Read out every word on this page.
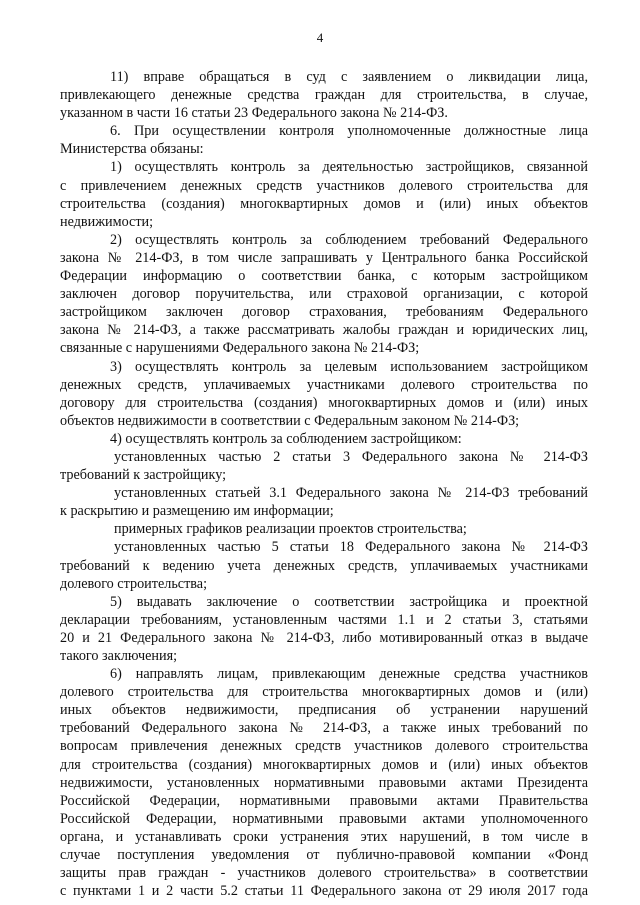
4
11) вправе обращаться в суд с заявлением о ликвидации лица,
привлекающего денежные средства граждан для строительства, в случае,
указанном в части 16 статьи 23 Федерального закона № 214-ФЗ.
6. При осуществлении контроля уполномоченные должностные лица
Министерства обязаны:
1) осуществлять контроль за деятельностью застройщиков, связанной
с привлечением денежных средств участников долевого строительства для
строительства (создания) многоквартирных домов и (или) иных объектов
недвижимости;
2) осуществлять контроль за соблюдением требований Федерального
закона № 214-ФЗ, в том числе запрашивать у Центрального банка Российской
Федерации информацию о соответствии банка, с которым застройщиком
заключен договор поручительства, или страховой организации, с которой
застройщиком заключен договор страхования, требованиям Федерального
закона № 214-ФЗ, а также рассматривать жалобы граждан и юридических лиц,
связанные с нарушениями Федерального закона № 214-ФЗ;
3) осуществлять контроль за целевым использованием застройщиком
денежных средств, уплачиваемых участниками долевого строительства по
договору для строительства (создания) многоквартирных домов и (или) иных
объектов недвижимости в соответствии с Федеральным законом № 214-ФЗ;
4) осуществлять контроль за соблюдением застройщиком:
установленных частью 2 статьи 3 Федерального закона № 214-ФЗ
требований к застройщику;
установленных статьей 3.1 Федерального закона № 214-ФЗ требований
к раскрытию и размещению им информации;
примерных графиков реализации проектов строительства;
установленных частью 5 статьи 18 Федерального закона № 214-ФЗ
требований к ведению учета денежных средств, уплачиваемых участниками
долевого строительства;
5) выдавать заключение о соответствии застройщика и проектной
декларации требованиям, установленным частями 1.1 и 2 статьи 3, статьями
20 и 21 Федерального закона № 214-ФЗ, либо мотивированный отказ в выдаче
такого заключения;
6) направлять лицам, привлекающим денежные средства участников
долевого строительства для строительства многоквартирных домов и (или)
иных объектов недвижимости, предписания об устранении нарушений
требований Федерального закона № 214-ФЗ, а также иных требований по
вопросам привлечения денежных средств участников долевого строительства
для строительства (создания) многоквартирных домов и (или) иных объектов
недвижимости, установленных нормативными правовыми актами Президента
Российской Федерации, нормативными правовыми актами Правительства
Российской Федерации, нормативными правовыми актами уполномоченного
органа, и устанавливать сроки устранения этих нарушений, в том числе в
случае поступления уведомления от публично-правовой компании «Фонд
защиты прав граждан - участников долевого строительства» в соответствии
с пунктами 1 и 2 части 5.2 статьи 11 Федерального закона от 29 июля 2017 года
